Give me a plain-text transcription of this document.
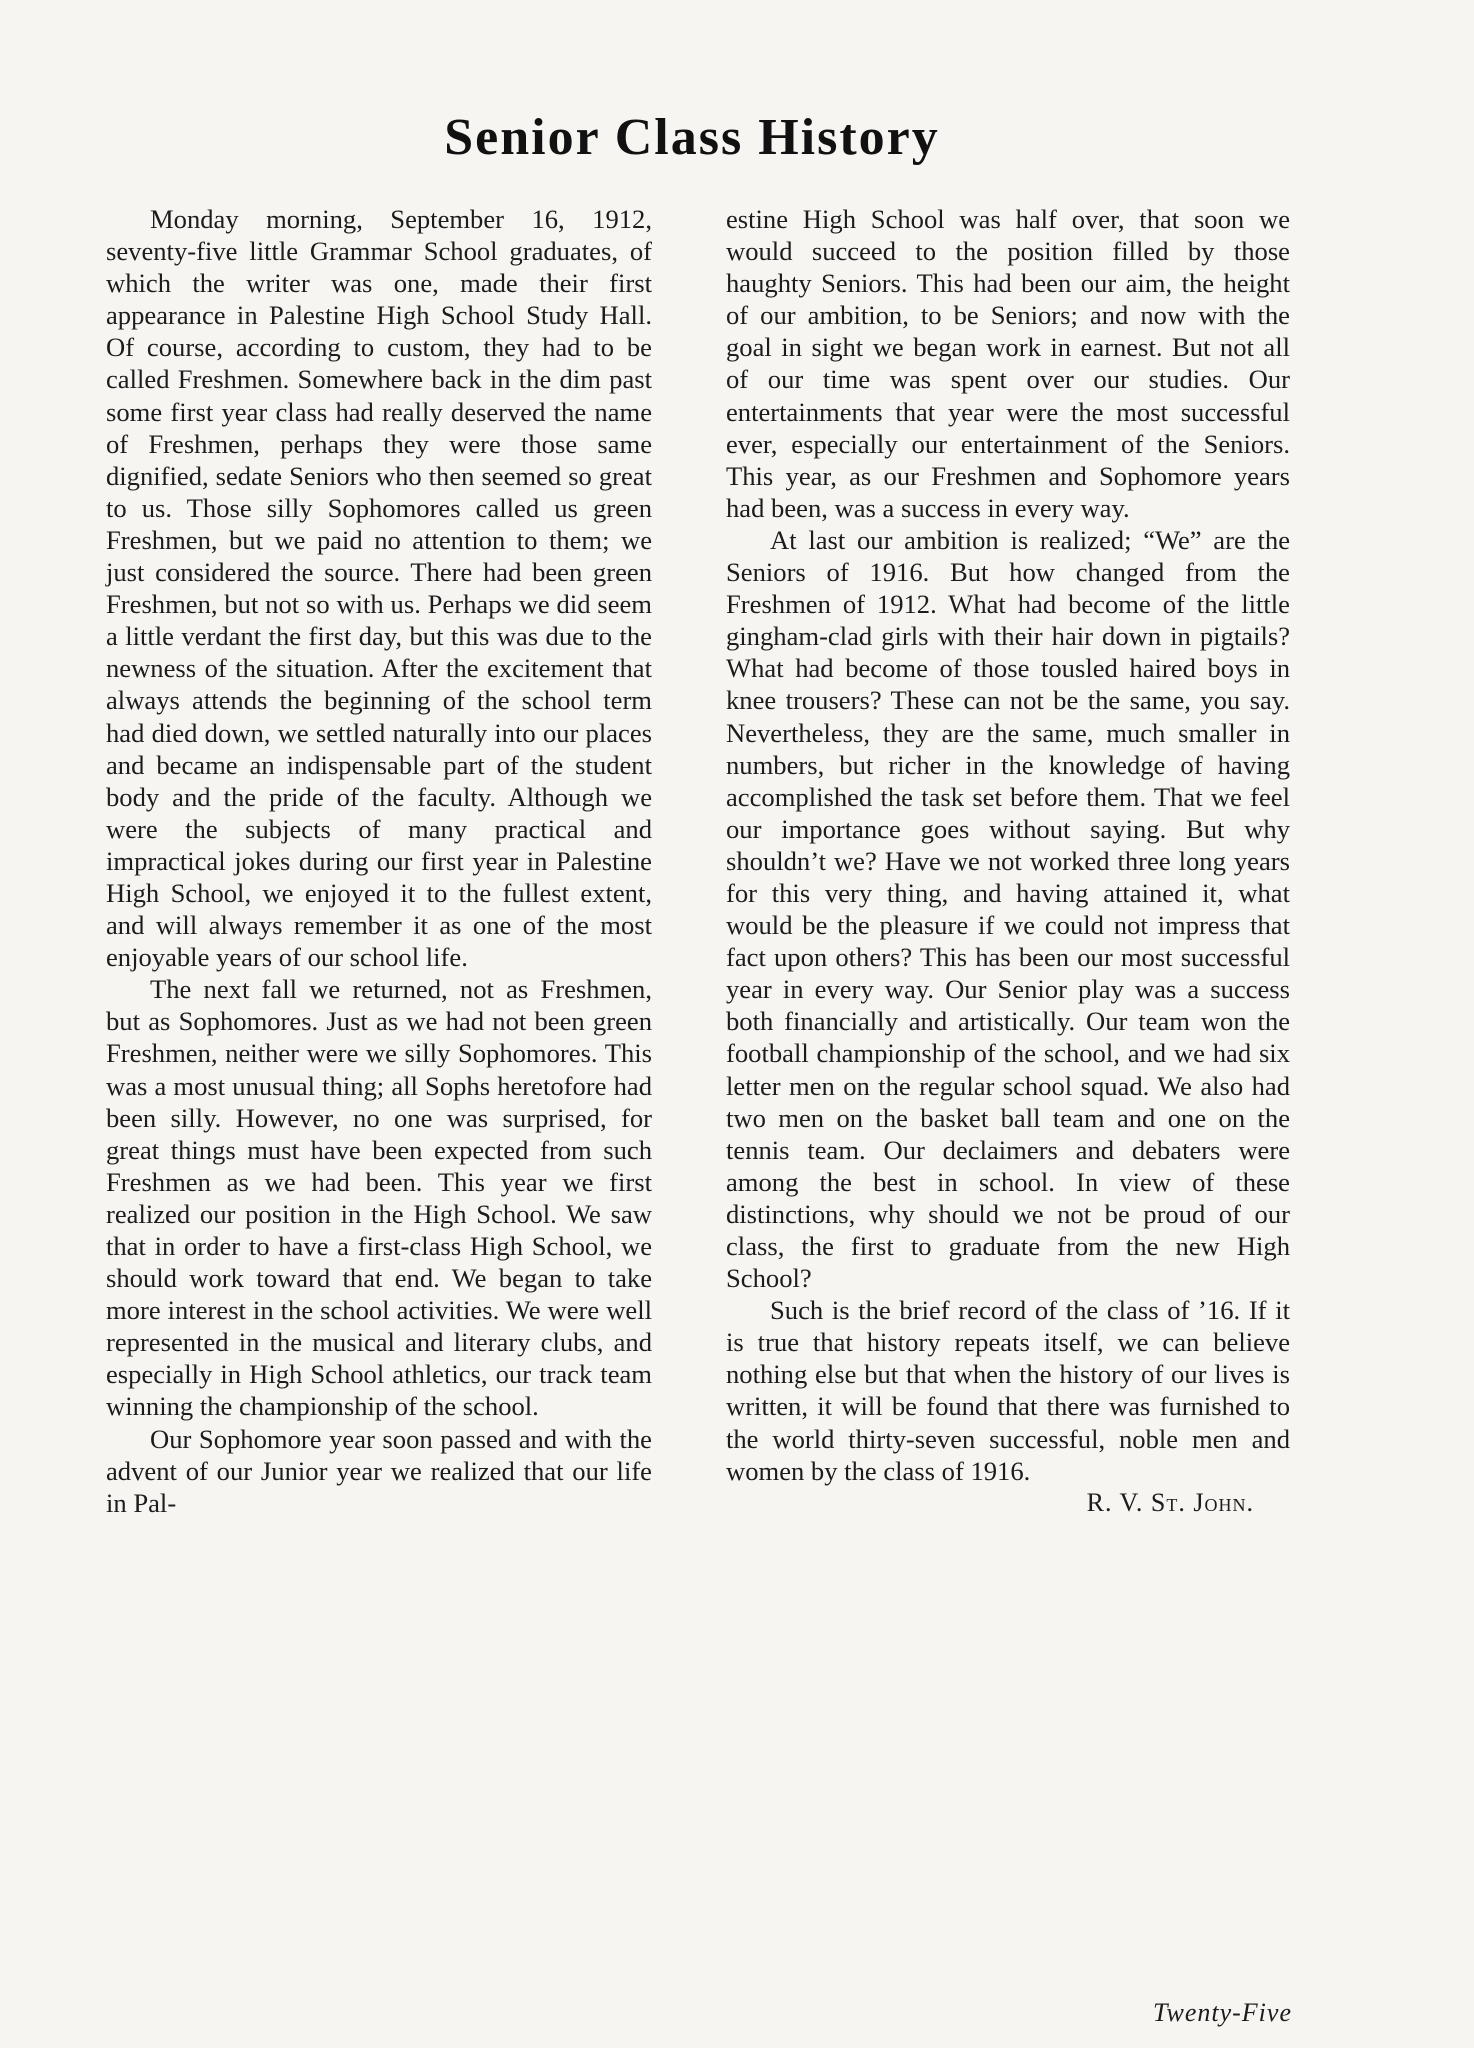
Senior Class History

Monday morning, September 16, 1912, seventy-five little Grammar School graduates, of which the writer was one, made their first appearance in Palestine High School Study Hall. Of course, according to custom, they had to be called Freshmen. Somewhere back in the dim past some first year class had really deserved the name of Freshmen, perhaps they were those same dignified, sedate Seniors who then seemed so great to us. Those silly Sophomores called us green Freshmen, but we paid no attention to them; we just considered the source. There had been green Freshmen, but not so with us. Perhaps we did seem a little verdant the first day, but this was due to the newness of the situation. After the excitement that always attends the beginning of the school term had died down, we settled naturally into our places and became an indispensable part of the student body and the pride of the faculty. Although we were the subjects of many practical and impractical jokes during our first year in Palestine High School, we enjoyed it to the fullest extent, and will always remember it as one of the most enjoyable years of our school life.

The next fall we returned, not as Freshmen, but as Sophomores. Just as we had not been green Freshmen, neither were we silly Sophomores. This was a most unusual thing; all Sophs heretofore had been silly. However, no one was surprised, for great things must have been expected from such Freshmen as we had been. This year we first realized our position in the High School. We saw that in order to have a first-class High School, we should work toward that end. We began to take more interest in the school activities. We were well represented in the musical and literary clubs, and especially in High School athletics, our track team winning the championship of the school.

Our Sophomore year soon passed and with the advent of our Junior year we realized that our life in Pal-

estine High School was half over, that soon we would succeed to the position filled by those haughty Seniors. This had been our aim, the height of our ambition, to be Seniors; and now with the goal in sight we began work in earnest. But not all of our time was spent over our studies. Our entertainments that year were the most successful ever, especially our entertainment of the Seniors. This year, as our Freshmen and Sophomore years had been, was a success in every way.

At last our ambition is realized; “We” are the Seniors of 1916. But how changed from the Freshmen of 1912. What had become of the little gingham-clad girls with their hair down in pigtails? What had become of those tousled haired boys in knee trousers? These can not be the same, you say. Nevertheless, they are the same, much smaller in numbers, but richer in the knowledge of having accomplished the task set before them. That we feel our importance goes without saying. But why shouldn’t we? Have we not worked three long years for this very thing, and having attained it, what would be the pleasure if we could not impress that fact upon others? This has been our most successful year in every way. Our Senior play was a success both financially and artistically. Our team won the football championship of the school, and we had six letter men on the regular school squad. We also had two men on the basket ball team and one on the tennis team. Our declaimers and debaters were among the best in school. In view of these distinctions, why should we not be proud of our class, the first to graduate from the new High School?

Such is the brief record of the class of ’16. If it is true that history repeats itself, we can believe nothing else but that when the history of our lives is written, it will be found that there was furnished to the world thirty-seven successful, noble men and women by the class of 1916.

R. V. St. John.

Twenty-Five
